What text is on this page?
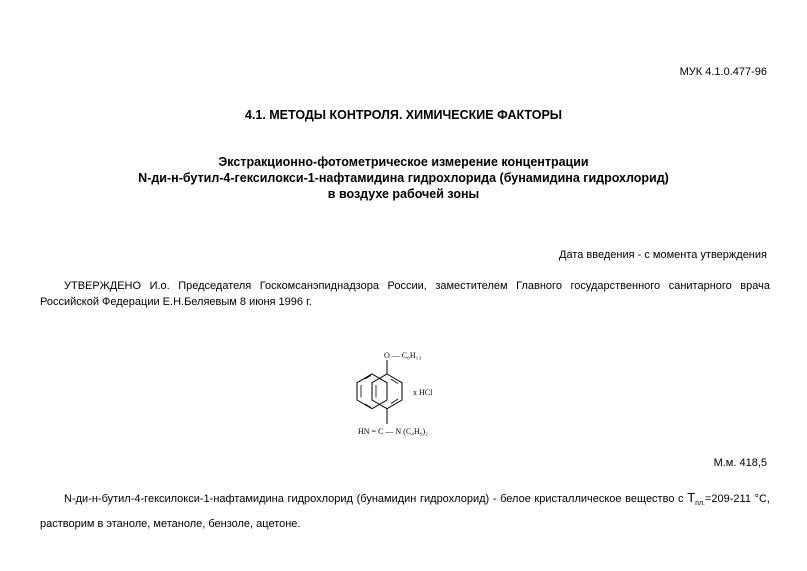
МУК 4.1.0.477-96
4.1. МЕТОДЫ КОНТРОЛЯ. ХИМИЧЕСКИЕ ФАКТОРЫ
Экстракционно-фотометрическое измерение концентрации
N-ди-н-бутил-4-гексилокси-1-нафтамидина гидрохлорида (бунамидина гидрохлорид)
в воздухе рабочей зоны
Дата введения - с момента утверждения
УТВЕРЖДЕНО И.о. Председателя Госкомсанэпиднадзора России, заместителем Главного государственного санитарного врача Российской Федерации Е.Н.Беляевым 8 июня 1996 г.
O — C₆H₁₃
x HCl
HN = C — N (C₄H₉)₂
М.м. 418,5
N-ди-н-бутил-4-гексилокси-1-нафтамидина гидрохлорид (бунамидин гидрохлорид) - белое кристаллическое вещество с $T_{пл.}=209-211$ °С, растворим в этаноле, метаноле, бензоле, ацетоне.
